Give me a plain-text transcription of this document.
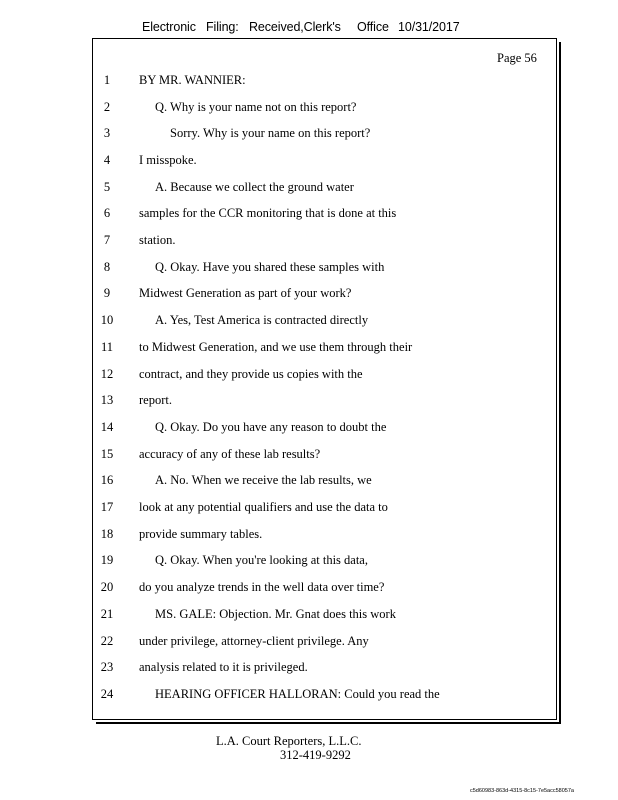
Electronic Filing: Received,Clerk's Office 10/31/2017
Page 56
1	BY MR. WANNIER:
2	Q. Why is your name not on this report?
3	Sorry. Why is your name on this report?
4	I misspoke.
5	A. Because we collect the ground water
6	samples for the CCR monitoring that is done at this
7	station.
8	Q. Okay. Have you shared these samples with
9	Midwest Generation as part of your work?
10	A. Yes, Test America is contracted directly
11	to Midwest Generation, and we use them through their
12	contract, and they provide us copies with the
13	report.
14	Q. Okay. Do you have any reason to doubt the
15	accuracy of any of these lab results?
16	A. No. When we receive the lab results, we
17	look at any potential qualifiers and use the data to
18	provide summary tables.
19	Q. Okay. When you're looking at this data,
20	do you analyze trends in the well data over time?
21	MS. GALE: Objection. Mr. Gnat does this work
22	under privilege, attorney-client privilege. Any
23	analysis related to it is privileged.
24	HEARING OFFICER HALLORAN: Could you read the
L.A. Court Reporters, L.L.C.
312-419-9292
c5d60983-863d-4315-8c15-7e5acc58057a
